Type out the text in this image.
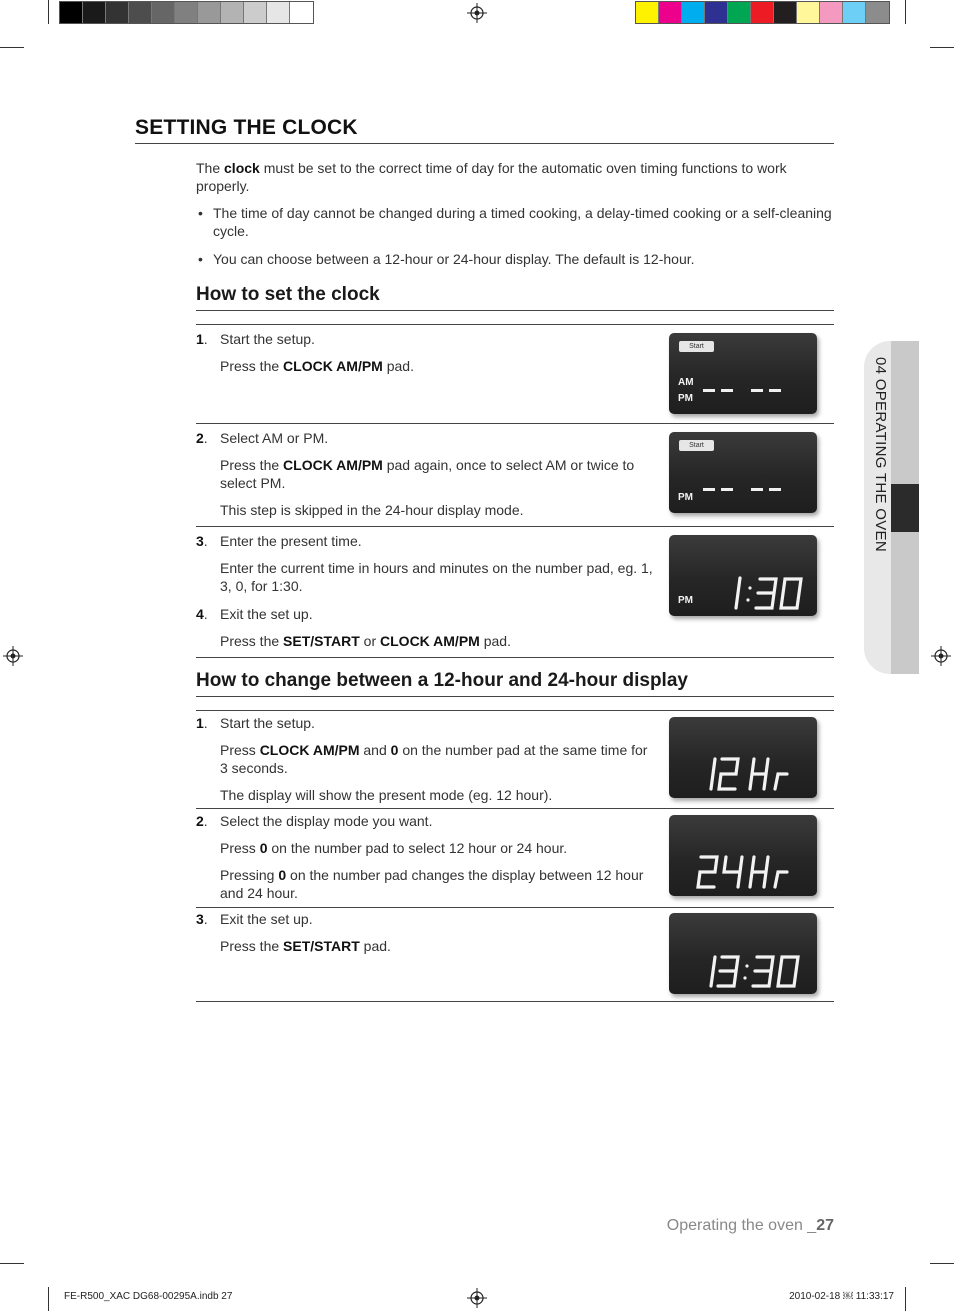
SETTING THE CLOCK

The clock must be set to the correct time of day for the automatic oven timing functions to work properly.

• The time of day cannot be changed during a timed cooking, a delay-timed cooking or a self-cleaning cycle.
• You can choose between a 12-hour or 24-hour display. The default is 12-hour.
How to set the clock
1. Start the setup.

Press the CLOCK AM/PM pad.

Start
AM
PM
2. Select AM or PM.

Press the CLOCK AM/PM pad again, once to select AM or twice to select PM.

This step is skipped in the 24-hour display mode.

Start
PM
3. Enter the present time.

Enter the current time in hours and minutes on the number pad, eg. 1, 3, 0, for 1:30.

4. Exit the set up.

Press the SET/START or CLOCK AM/PM pad.

PM
How to change between a 12-hour and 24-hour display
1. Start the setup.

Press CLOCK AM/PM and 0 on the number pad at the same time for 3 seconds.

The display will show the present mode (eg. 12 hour).

2. Select the display mode you want.

Press 0 on the number pad to select 12 hour or 24 hour.

Pressing 0 on the number pad changes the display between 12 hour and 24 hour.

3. Exit the set up.

Press the SET/START pad.

04 OPERATING THE OVEN
Operating the oven _27
FE-R500_XAC DG68-00295A.indb 27	2010-02-18 ￼ 11:33:17
